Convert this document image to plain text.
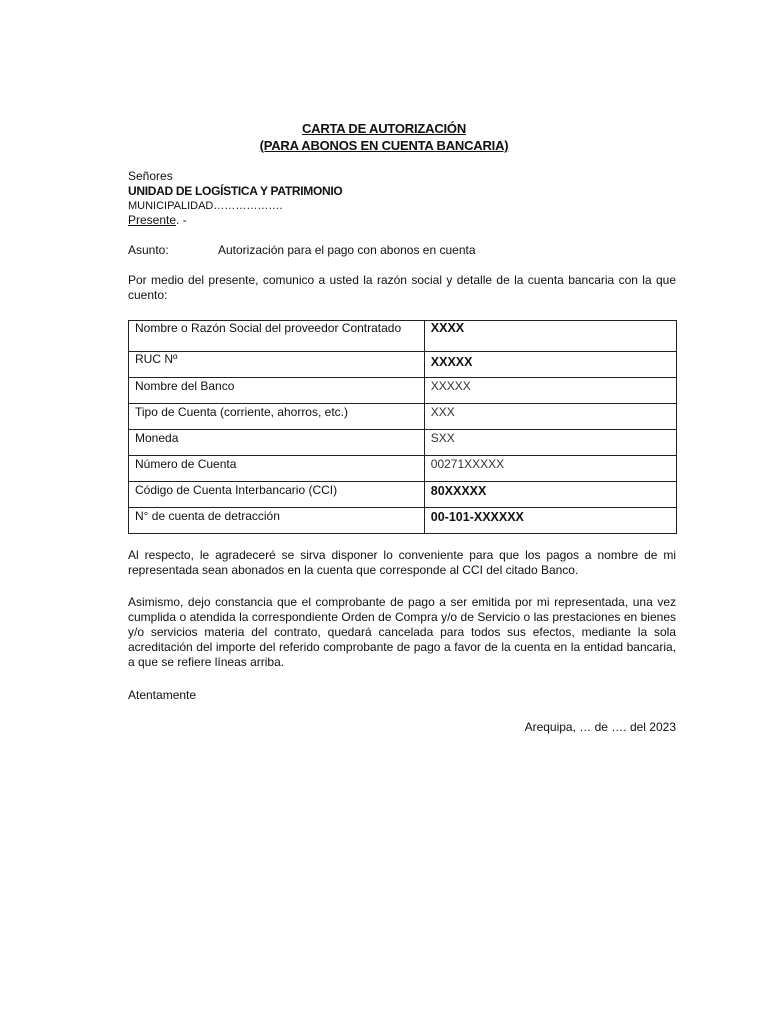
CARTA DE AUTORIZACIÓN
(PARA ABONOS EN CUENTA BANCARIA)
Señores
UNIDAD DE LOGÍSTICA Y PATRIMONIO
MUNICIPALIDAD……………….
Presente. -
Asunto:	Autorización para el pago con abonos en cuenta
Por medio del presente, comunico a usted la razón social y detalle de la cuenta bancaria con la que cuento:
Nombre o Razón Social del proveedor Contratado	XXXX
RUC Nº	XXXXX
Nombre del Banco	XXXXX
Tipo de Cuenta (corriente, ahorros, etc.)	XXX
Moneda	SXX
Número de Cuenta	00271XXXXX
Código de Cuenta Interbancario (CCI)	80XXXXX
N° de cuenta de detracción	00-101-XXXXXX
Al respecto, le agradeceré se sirva disponer lo conveniente para que los pagos a nombre de mi representada sean abonados en la cuenta que corresponde al CCI del citado Banco.
Asimismo, dejo constancia que el comprobante de pago a ser emitida por mi representada, una vez cumplida o atendida la correspondiente Orden de Compra y/o de Servicio o las prestaciones en bienes y/o servicios materia del contrato, quedará cancelada para todos sus efectos, mediante la sola acreditación del importe del referido comprobante de pago a favor de la cuenta en la entidad bancaria, a que se refiere líneas arriba.
Atentamente
Arequipa, … de …. del 2023
